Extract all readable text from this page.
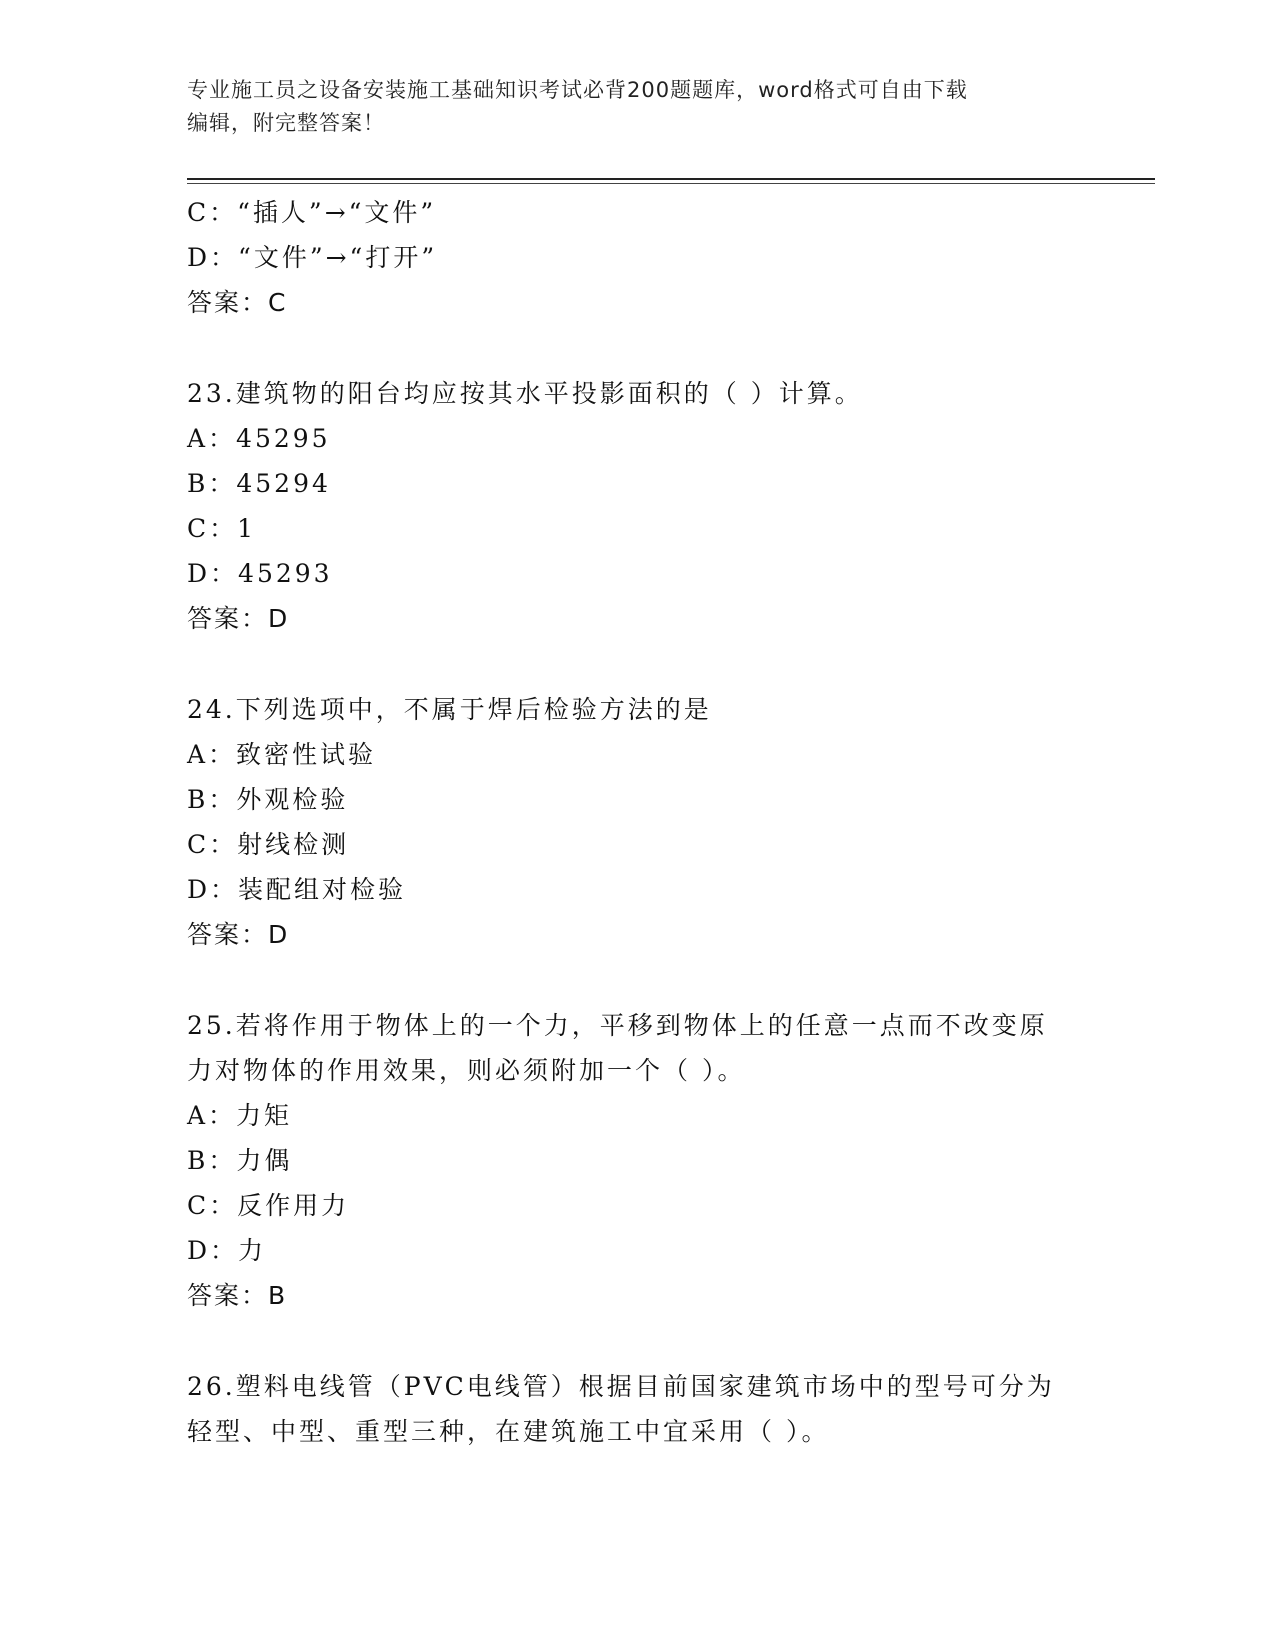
专业施工员之设备安装施工基础知识考试必背200题题库，word格式可自由下载
编辑，附完整答案！
C：“插人”→“文件”
D：“文件”→“打开”
答案：C
23.建筑物的阳台均应按其水平投影面积的（ ）计算。
A：45295
B：45294
C：1
D：45293
答案：D
24.下列选项中，不属于焊后检验方法的是
A：致密性试验
B：外观检验
C：射线检测
D：装配组对检验
答案：D
25.若将作用于物体上的一个力，平移到物体上的任意一点而不改变原
力对物体的作用效果，则必须附加一个（ ）。
A：力矩
B：力偶
C：反作用力
D：力
答案：B
26.塑料电线管（PVC电线管）根据目前国家建筑市场中的型号可分为
轻型、中型、重型三种，在建筑施工中宜采用（ ）。
